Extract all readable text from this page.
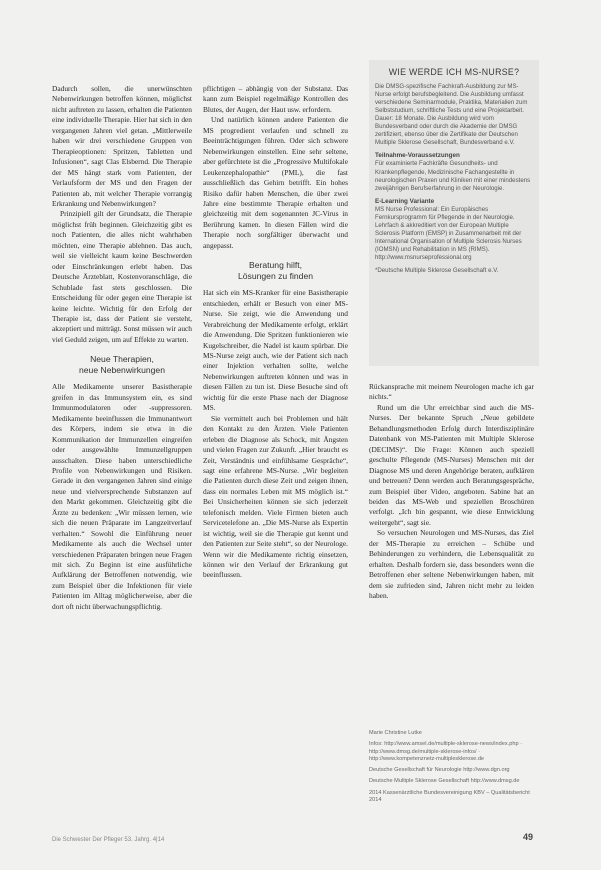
Dadurch sollen, die unerwünschten Nebenwirkungen betroffen können, möglichst nicht auftreten zu lassen, erhalten die Patienten eine individuelle Therapie. Hier hat sich in den vergangenen Jahren viel getan. „Mittlerweile haben wir drei verschiedene Gruppen von Therapieoptionen: Spritzen, Tabletten und Infusionen“, sagt Clas Elsbernd. Die Therapie der MS hängt stark vom Patienten, der Verlaufsform der MS und den Fragen der Patienten ab, mit welcher Therapie vorrangig Erkrankung und Nebenwirkungen?

Prinzipiell gilt der Grundsatz, die Therapie möglichst früh beginnen. Gleichzeitig gibt es noch Patienten, die alles nicht wahrhaben möchten, eine Therapie ablehnen. Das auch, weil sie vielleicht kaum keine Beschwerden oder Einschränkungen erlebt haben. Das Deutsche Ärzteblatt, Kostenvoranschläge, die Schublade fast stets geschlossen. Die Entscheidung für oder gegen eine Therapie ist keine leichte. Wichtig für den Erfolg der Therapie ist, dass der Patient sie versteht, akzeptiert und mitträgt. Sonst müssen wir auch viel Geduld zeigen, um auf Effekte zu warten.

Neue Therapien,
neue Nebenwirkungen

Alle Medikamente unserer Basistherapie greifen in das Immunsystem ein, es sind Immunmodulatoren oder -suppressoren. Medikamente beeinflussen die Immunantwort des Körpers, indem sie etwa in die Kommunikation der Immunzellen eingreifen oder ausgewählte Immunzellgruppen ausschalten. Diese haben unterschiedliche Profile von Nebenwirkungen und Risiken. Gerade in den vergangenen Jahren sind einige neue und vielversprechende Substanzen auf den Markt gekommen. Gleichzeitig gibt die Ärzte zu bedenken: „Wir müssen lernen, wie sich die neuen Präparate im Langzeitverlauf verhalten.“ Sowohl die Einführung neuer Medikamente als auch die Wechsel unter verschiedenen Präparaten bringen neue Fragen mit sich. Zu Beginn ist eine ausführliche Aufklärung der Betroffenen notwendig, wie zum Beispiel über die Infektionen für viele Patienten im Alltag möglicherweise, aber die dort oft nicht überwachungspflichtig.

pflichtigen – abhängig von der Substanz. Das kann zum Beispiel regelmäßige Kontrollen des Blutes, der Augen, der Haut usw. erfordern.

Und natürlich können andere Patienten die MS progredient verlaufen und schnell zu Beeinträchtigungen führen. Oder sich schwere Nebenwirkungen einstellen. Eine sehr seltene, aber gefürchtete ist die „Progressive Multifokale Leukenzephalopathie“ (PML), die fast ausschließlich das Gehirn betrifft. Ein hohes Risiko dafür haben Menschen, die über zwei Jahre eine bestimmte Therapie erhalten und gleichzeitig mit dem sogenannten JC-Virus in Berührung kamen. In diesen Fällen wird die Therapie noch sorgfältiger überwacht und angepasst.

Beratung hilft,
Lösungen zu finden

Hat sich ein MS-Kranker für eine Basistherapie entschieden, erhält er Besuch von einer MS-Nurse. Sie zeigt, wie die Anwendung und Verabreichung der Medikamente erfolgt, erklärt die Anwendung. Die Spritzen funktionieren wie Kugelschreiber, die Nadel ist kaum spürbar. Die MS-Nurse zeigt auch, wie der Patient sich nach einer Injektion verhalten sollte, welche Nebenwirkungen auftreten können und was in diesen Fällen zu tun ist. Diese Besuche sind oft wichtig für die erste Phase nach der Diagnose MS.

Sie vermittelt auch bei Problemen und hält den Kontakt zu den Ärzten. Viele Patienten erleben die Diagnose als Schock, mit Ängsten und vielen Fragen zur Zukunft. „Hier braucht es Zeit, Verständnis und einfühlsame Gespräche“, sagt eine erfahrene MS-Nurse. „Wir begleiten die Patienten durch diese Zeit und zeigen ihnen, dass ein normales Leben mit MS möglich ist.“ Bei Unsicherheiten können sie sich jederzeit telefonisch melden. Viele Firmen bieten auch Servicetelefone an. „Die MS-Nurse als Expertin ist wichtig, weil sie die Therapie gut kennt und den Patienten zur Seite steht“, so der Neurologe. Wenn wir die Medikamente richtig einsetzen, können wir den Verlauf der Erkrankung gut beeinflussen.

WIE WERDE ICH MS-NURSE?

Die DMSG-spezifische Fachkraft-Ausbildung zur MS-Nurse erfolgt berufsbegleitend. Die Ausbildung umfasst verschiedene Seminarmodule, Praktika, Materialien zum Selbststudium, schriftliche Tests und eine Projektarbeit. Dauer: 18 Monate. Die Ausbildung wird vom Bundesverband oder durch die Akademie der DMSG zertifiziert, ebenso über die Zertifikate der Deutschen Multiple Sklerose Gesellschaft, Bundesverband e.V.

Teilnahme-Voraussetzungen

Für examinierte Fachkräfte Gesundheits- und Krankenpflegende, Medizinische Fachangestellte in neurologischen Praxen und Kliniken mit einer mindestens zweijährigen Berufserfahrung in der Neurologie.

E-Learning Variante

MS Nurse Professional: Ein Europäisches Fernkursprogramm für Pflegende in der Neurologie. Lehrfach & akkreditiert von der European Multiple Sclerosis Platform (EMSP) in Zusammenarbeit mit der International Organisation of Multiple Sclerosis Nurses (IOMSN) und Rehabilitation in MS (RIMS). http://www.msnurseprofessional.org

*Deutsche Multiple Sklerose Gesellschaft e.V.

Rückansprache mit meinem Neurologen mache ich gar nichts.“

Rund um die Uhr erreichbar sind auch die MS-Nurses. Der bekannte Spruch „Neue gebildete Behandlungsmethoden Erfolg durch Interdisziplinäre Datenbank von MS-Patienten mit Multiple Sklerose (DECIMS)“. Die Frage: Können auch speziell geschulte Pflegende (MS-Nurses) Menschen mit der Diagnose MS und deren Angehörige beraten, aufklären und betreuen? Denn werden auch Beratungsgespräche, zum Beispiel über Video, angeboten. Sabine hat an beiden das MS-Web und speziellen Broschüren verfolgt. „Ich bin gespannt, wie diese Entwicklung weitergeht“, sagt sie.

So versuchen Neurologen und MS-Nurses, das Ziel der MS-Therapie zu erreichen – Schübe und Behinderungen zu verhindern, die Lebensqualität zu erhalten. Deshalb fordern sie, dass besonders wenn die Betroffenen eher seltene Nebenwirkungen haben, mit dem sie zufrieden sind, Jahren nicht mehr zu leiden haben.

Marie Christine Lutke

Infos: http://www.amsel.de/multiple-sklerose-news/index.php · http://www.dmsg.de/multiple-sklerose-infos/ · http://www.kompetenznetz-multiplesklerose.de

Deutsche Gesellschaft für Neurologie http://www.dgn.org

Deutsche Multiple Sklerose Gesellschaft http://www.dmsg.de

2014 Kassenärztliche Bundesvereinigung KBV – Qualitätsbericht 2014

Die Schwester Der Pfleger 53. Jahrg. 4|14	49
